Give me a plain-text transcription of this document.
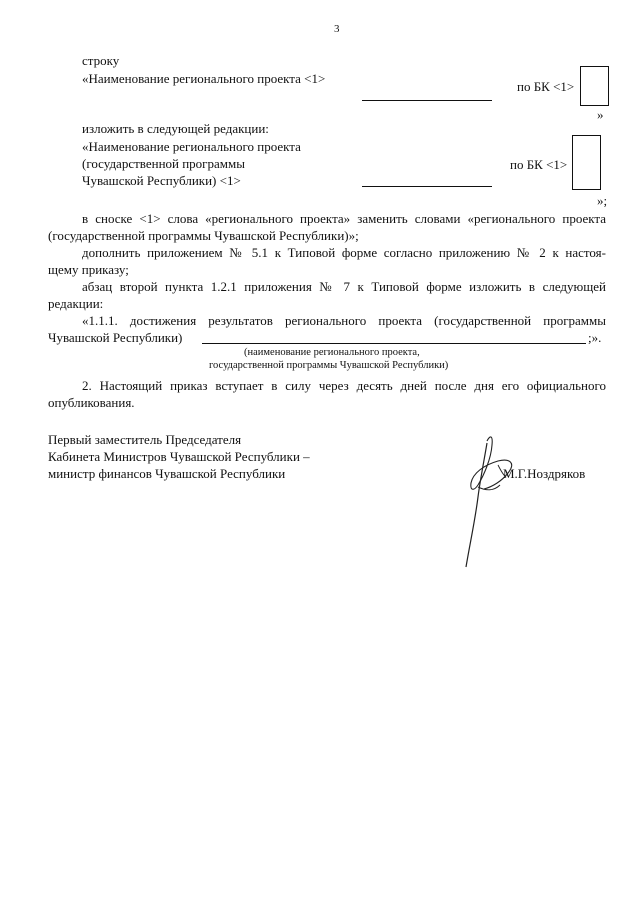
3
строку
«Наименование регионального проекта <1>
по БК <1>
»
изложить в следующей редакции:
«Наименование регионального проекта
(государственной программы
Чувашской Республики) <1>
по БК <1>
»;
в сноске <1> слова «регионального проекта» заменить словами «регионального проекта
(государственной программы Чувашской Республики)»;
дополнить приложением № 5.1 к Типовой форме согласно приложению № 2 к настоя-
щему приказу;
абзац второй пункта 1.2.1 приложения № 7 к Типовой форме изложить в следующей
редакции:
«1.1.1. достижения результатов регионального проекта (государственной программы
Чувашской Республики)	;».
(наименование регионального проекта,
государственной программы Чувашской Республики)
2. Настоящий приказ вступает в силу через десять дней после дня его официального
опубликования.
Первый заместитель Председателя
Кабинета Министров Чувашской Республики –
министр финансов Чувашской Республики	М.Г.Ноздряков
